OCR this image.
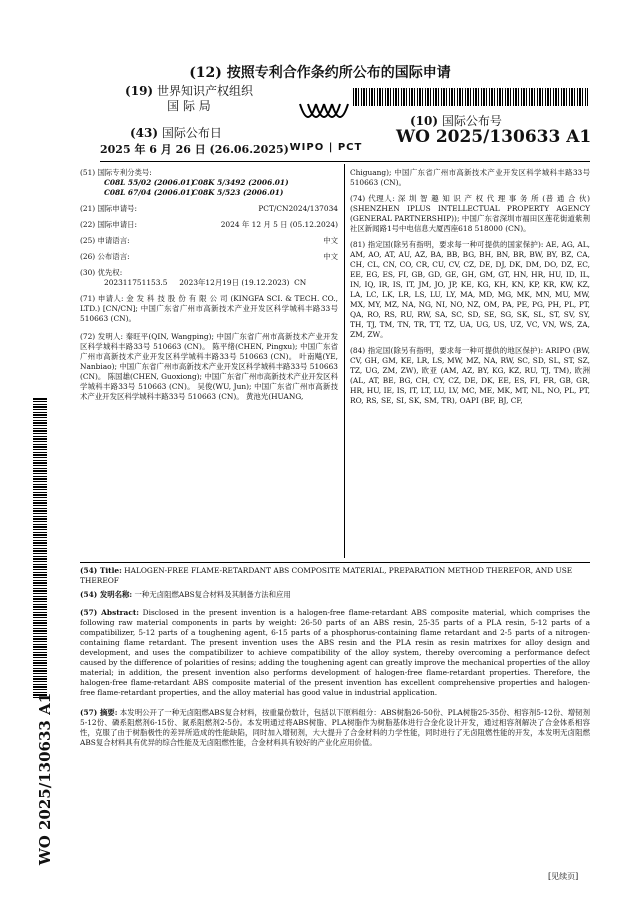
(12) 按照专利合作条约所公布的国际申请
(19) 世界知识产权组织
国 际 局
(43) 国际公布日
2025 年 6 月 26 日 (26.06.2025) WIPO | PCT
(10) 国际公布号
WO 2025/130633 A1
(51) 国际专利分类号:
C08L 55/02 (2006.01)
C08K 5/3492 (2006.01)
C08L 67/04 (2006.01)
C08K 5/523 (2006.01)
(21) 国际申请号:	PCT/CN2024/137034
(22) 国际申请日:	2024 年 12 月 5 日 (05.12.2024)
(25) 申请语言:	中文
(26) 公布语言:	中文
(30) 优先权:
202311751153.5     2023年12月19日 (19.12.2023)  CN

(71) 申请人: 金 发 科 技 股 份 有 限 公 司 (KINGFA SCI. & TECH. CO., LTD.) [CN/CN]; 中国广东省广州市高新技术产业开发区科学城科丰路33号 510663 (CN)。

(72) 发明人: 秦旺平(QIN, Wangping); 中国广东省广州市高新技术产业开发区科学城科丰路33号 510663 (CN)。 陈平绪(CHEN, Pingxu); 中国广东省广州市高新技术产业开发区科学城科丰路33号 510663 (CN)。 叶南飚(YE, Nanbiao); 中国广东省广州市高新技术产业开发区科学城科丰路33号 510663 (CN)。 陈国雄(CHEN, Guoxiong); 中国广东省广州市高新技术产业开发区科学城科丰路33号 510663 (CN)。 吴俊(WU, Jun); 中国广东省广州市高新技术产业开发区科学城科丰路33号 510663 (CN)。 黄池光(HUANG,

Chiguang); 中国广东省广州市高新技术产业开发区科学城科丰路33号 510663 (CN)。

(74) 代理人: 深 圳 智 趣 知 识 产 权 代 理 事 务 所 (普 通 合 伙) (SHENZHEN IPLUS INTELLECTUAL PROPERTY AGENCY (GENERAL PARTNERSHIP)); 中国广东省深圳市福田区莲花街道紫荆社区新闻路1号中电信息大厦西座618 518000 (CN)。

(81) 指定国(除另有指明，要求每一种可提供的国家保护): AE, AG, AL, AM, AO, AT, AU, AZ, BA, BB, BG, BH, BN, BR, BW, BY, BZ, CA, CH, CL, CN, CO, CR, CU, CV, CZ, DE, DJ, DK, DM, DO, DZ, EC, EE, EG, ES, FI, GB, GD, GE, GH, GM, GT, HN, HR, HU, ID, IL, IN, IQ, IR, IS, IT, JM, JO, JP, KE, KG, KH, KN, KP, KR, KW, KZ, LA, LC, LK, LR, LS, LU, LY, MA, MD, MG, MK, MN, MU, MW, MX, MY, MZ, NA, NG, NI, NO, NZ, OM, PA, PE, PG, PH, PL, PT, QA, RO, RS, RU, RW, SA, SC, SD, SE, SG, SK, SL, ST, SV, SY, TH, TJ, TM, TN, TR, TT, TZ, UA, UG, US, UZ, VC, VN, WS, ZA, ZM, ZW。

(84) 指定国(除另有指明，要求每一种可提供的地区保护): ARIPO (BW, CV, GH, GM, KE, LR, LS, MW, MZ, NA, RW, SC, SD, SL, ST, SZ, TZ, UG, ZM, ZW), 欧亚 (AM, AZ, BY, KG, KZ, RU, TJ, TM), 欧洲 (AL, AT, BE, BG, CH, CY, CZ, DE, DK, EE, ES, FI, FR, GB, GR, HR, HU, IE, IS, IT, LT, LU, LV, MC, ME, MK, MT, NL, NO, PL, PT, RO, RS, SE, SI, SK, SM, TR), OAPI (BF, BJ, CF,

(54) Title: HALOGEN-FREE FLAME-RETARDANT ABS COMPOSITE MATERIAL, PREPARATION METHOD THEREFOR, AND USE THEREOF

(54) 发明名称: 一种无卤阻燃ABS复合材料及其制备方法和应用

(57) Abstract: Disclosed in the present invention is a halogen-free flame-retardant ABS composite material, which comprises the following raw material components in parts by weight: 26-50 parts of an ABS resin, 25-35 parts of a PLA resin, 5-12 parts of a compatibilizer, 5-12 parts of a toughening agent, 6-15 parts of a phosphorus-containing flame retardant and 2-5 parts of a nitrogen-containing flame retardant. The present invention uses the ABS resin and the PLA resin as resin matrixes for alloy design and development, and uses the compatibilizer to achieve compatibility of the alloy system, thereby overcoming a performance defect caused by the difference of polarities of resins; adding the toughening agent can greatly improve the mechanical properties of the alloy material; in addition, the present invention also performs development of halogen-free flame-retardant properties. Therefore, the halogen-free flame-retardant ABS composite material of the present invention has excellent comprehensive properties and halogen-free flame-retardant properties, and the alloy material has good value in industrial application.

(57) 摘要: 本发明公开了一种无卤阻燃ABS复合材料，按重量份数计，包括以下原料组分：ABS树脂26-50份、PLA树脂25-35份、相容剂5-12份、增韧剂5-12份、磷系阻燃剂6-15份、氮系阻燃剂2-5份。本发明通过将ABS树脂、PLA树脂作为树脂基体进行合金化设计开发，通过相容剂解决了合金体系相容性，克服了由于树脂极性的差异所造成的性能缺陷，同时加入增韧剂，大大提升了合金材料的力学性能，同时进行了无卤阻燃性能的开发，本发明无卤阻燃ABS复合材料具有优异的综合性能及无卤阻燃性能，合金材料具有较好的产业化应用价值。

[见续页]
WO 2025/130633 A1
